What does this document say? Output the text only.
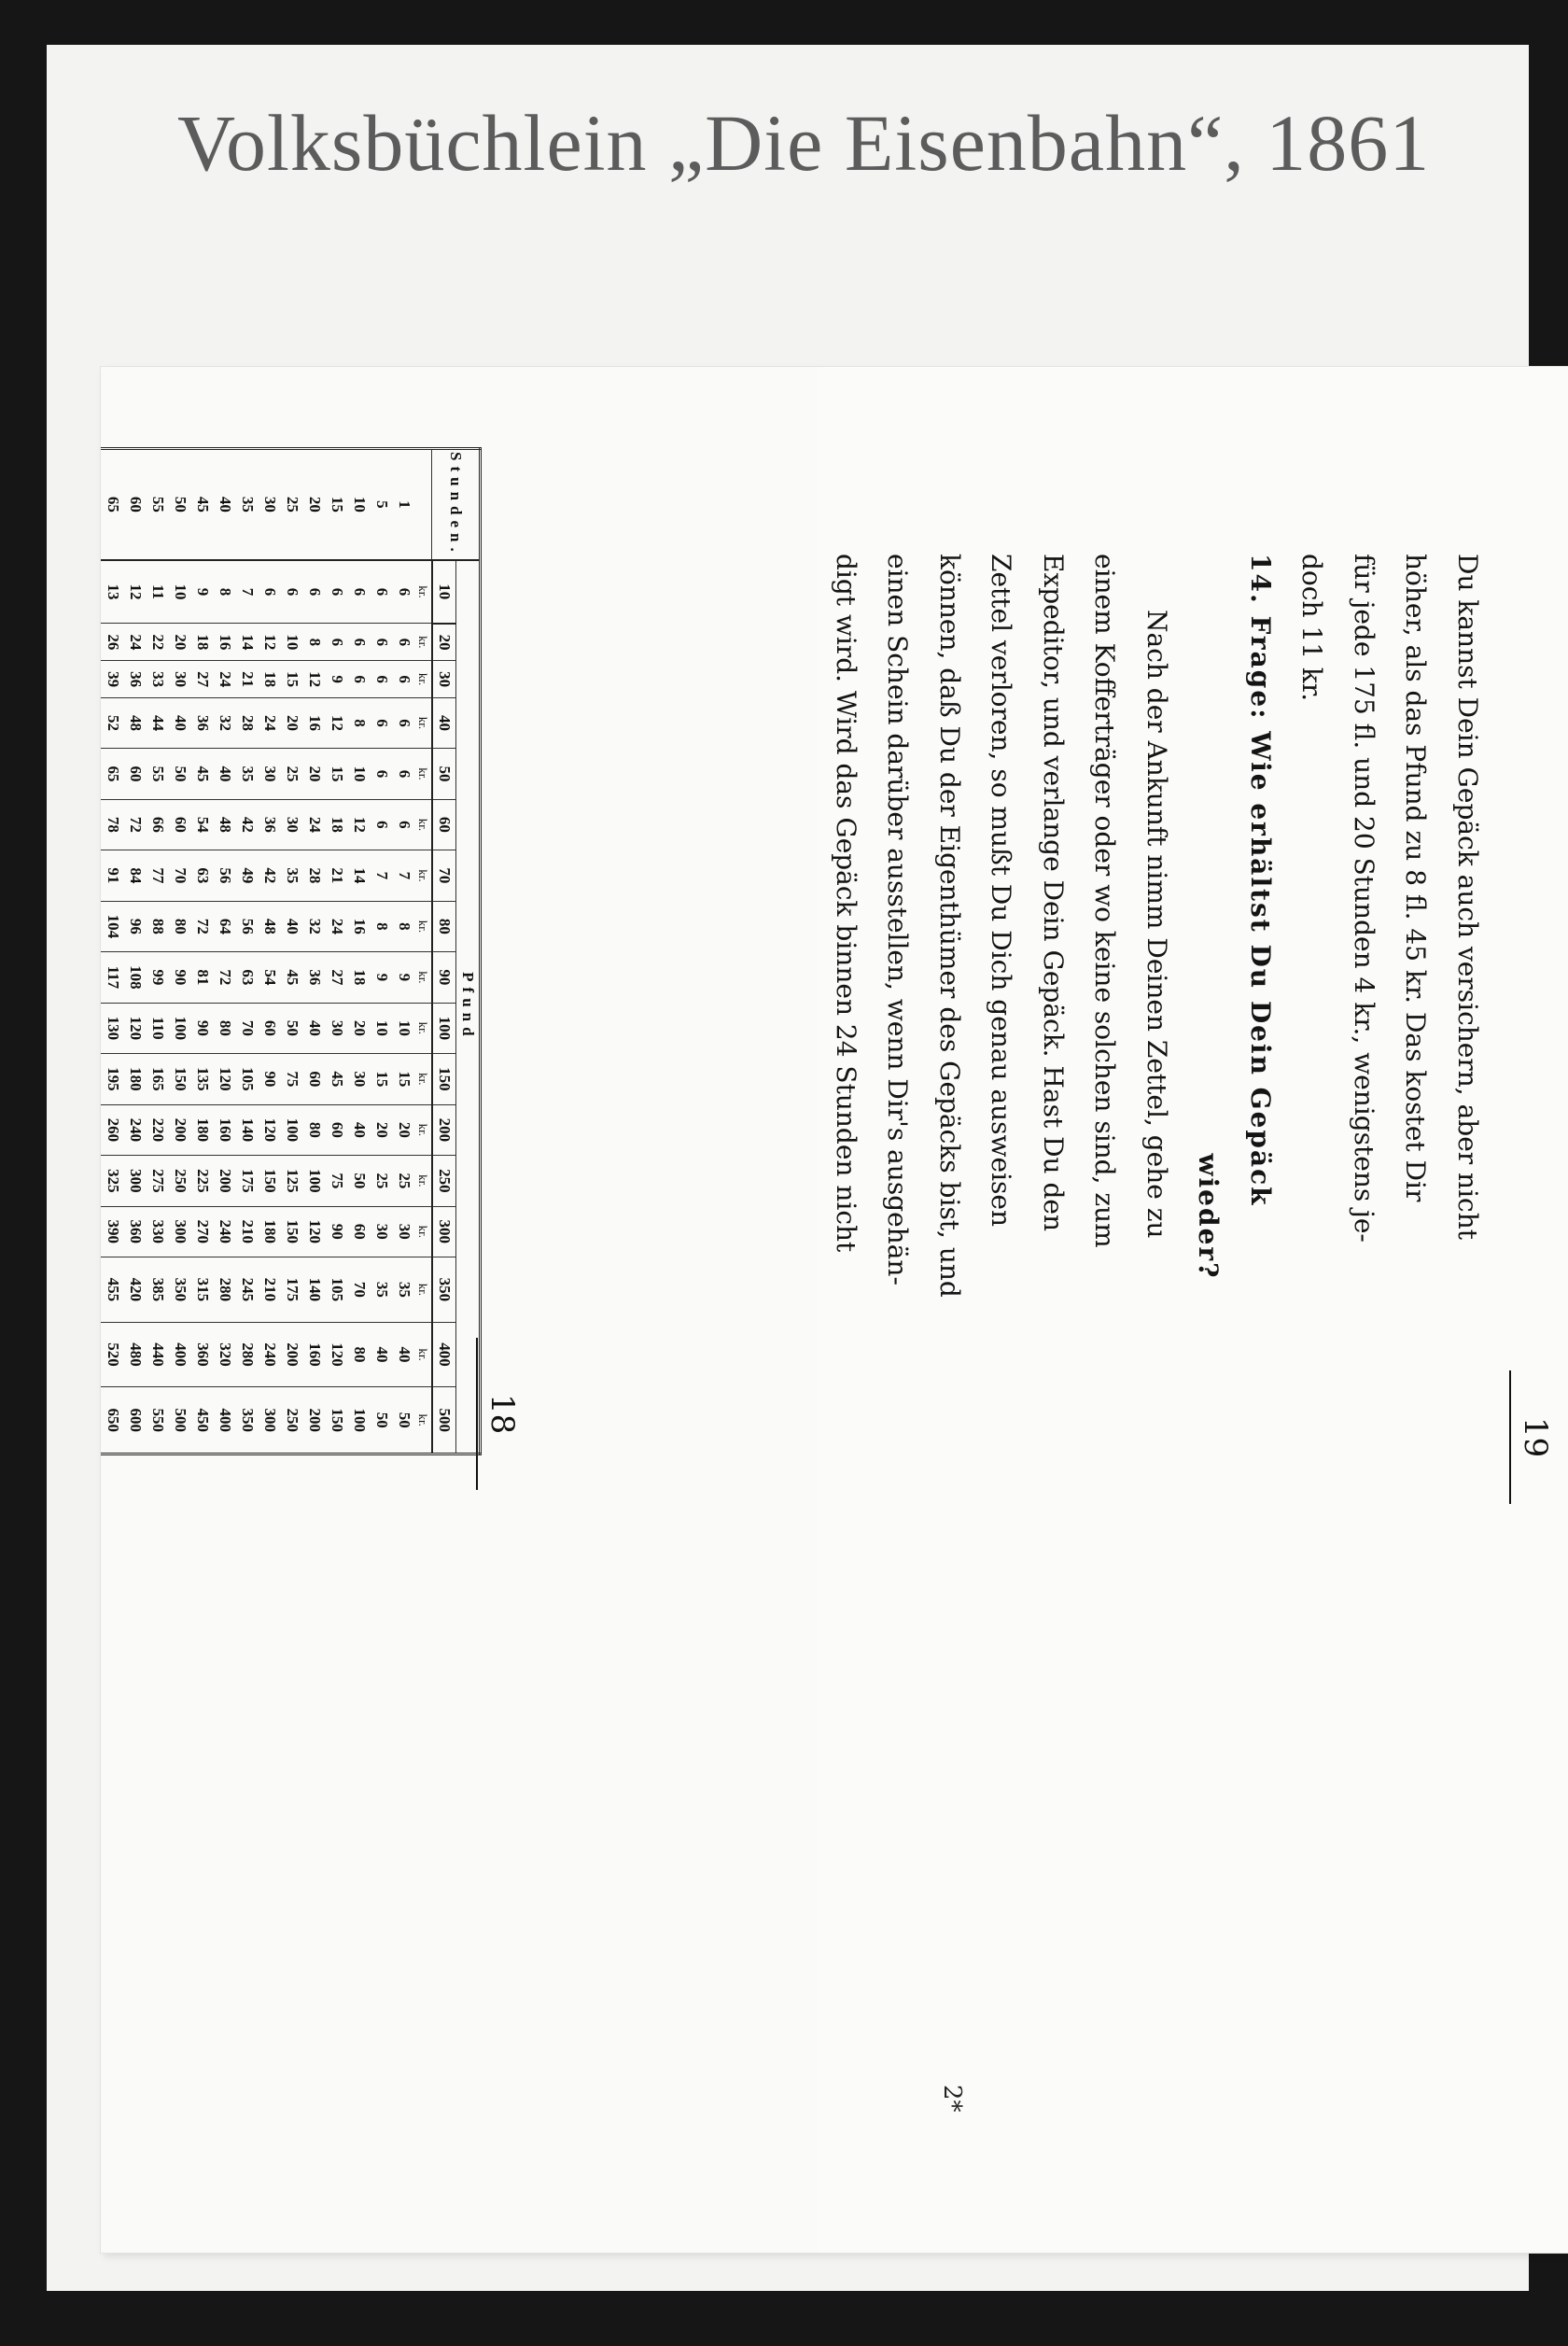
Volksbüchlein „Die Eisenbahn“, 1861
18
Stunden.	Pfund																
	10	20	30	40	50	60	70	80	90	100	150	200	250	300	350	400	500
	kr.	kr.	kr.	kr.	kr.	kr.	kr.	kr.	kr.	kr.	kr.	kr.	kr.	kr.	kr.	kr.	kr.
1	6	6	6	6	6	6	7	8	9	10	15	20	25	30	35	40	50
5	6	6	6	6	6	6	7	8	9	10	15	20	25	30	35	40	50
10	6	6	6	8	10	12	14	16	18	20	30	40	50	60	70	80	100
15	6	6	9	12	15	18	21	24	27	30	45	60	75	90	105	120	150
20	6	8	12	16	20	24	28	32	36	40	60	80	100	120	140	160	200
25	6	10	15	20	25	30	35	40	45	50	75	100	125	150	175	200	250
30	6	12	18	24	30	36	42	48	54	60	90	120	150	180	210	240	300
35	7	14	21	28	35	42	49	56	63	70	105	140	175	210	245	280	350
40	8	16	24	32	40	48	56	64	72	80	120	160	200	240	280	320	400
45	9	18	27	36	45	54	63	72	81	90	135	180	225	270	315	360	450
50	10	20	30	40	50	60	70	80	90	100	150	200	250	300	350	400	500
55	11	22	33	44	55	66	77	88	99	110	165	220	275	330	385	440	550
60	12	24	36	48	60	72	84	96	108	120	180	240	300	360	420	480	600
65	13	26	39	52	65	78	91	104	117	130	195	260	325	390	455	520	650

																		19

Du kannst Dein Gepäck auch versichern, aber nicht

höher, als das Pfund zu 8 fl. 45 kr. Das kostet Dir

für jede 175 fl. und 20 Stunden 4 kr., wenigstens je-

doch 11 kr.

14. Frage: Wie erhältst Du Dein Gepäck

wieder?

Nach der Ankunft nimm Deinen Zettel, gehe zu

einem Kofferträger oder wo keine solchen sind, zum

Expeditor, und verlange Dein Gepäck. Hast Du den

Zettel verloren, so mußt Du Dich genau ausweisen

können, daß Du der Eigenthümer des Gepäcks bist, und

einen Schein darüber ausstellen, wenn Dir's ausgehän-

digt wird. Wird das Gepäck binnen 24 Stunden nicht

2*
